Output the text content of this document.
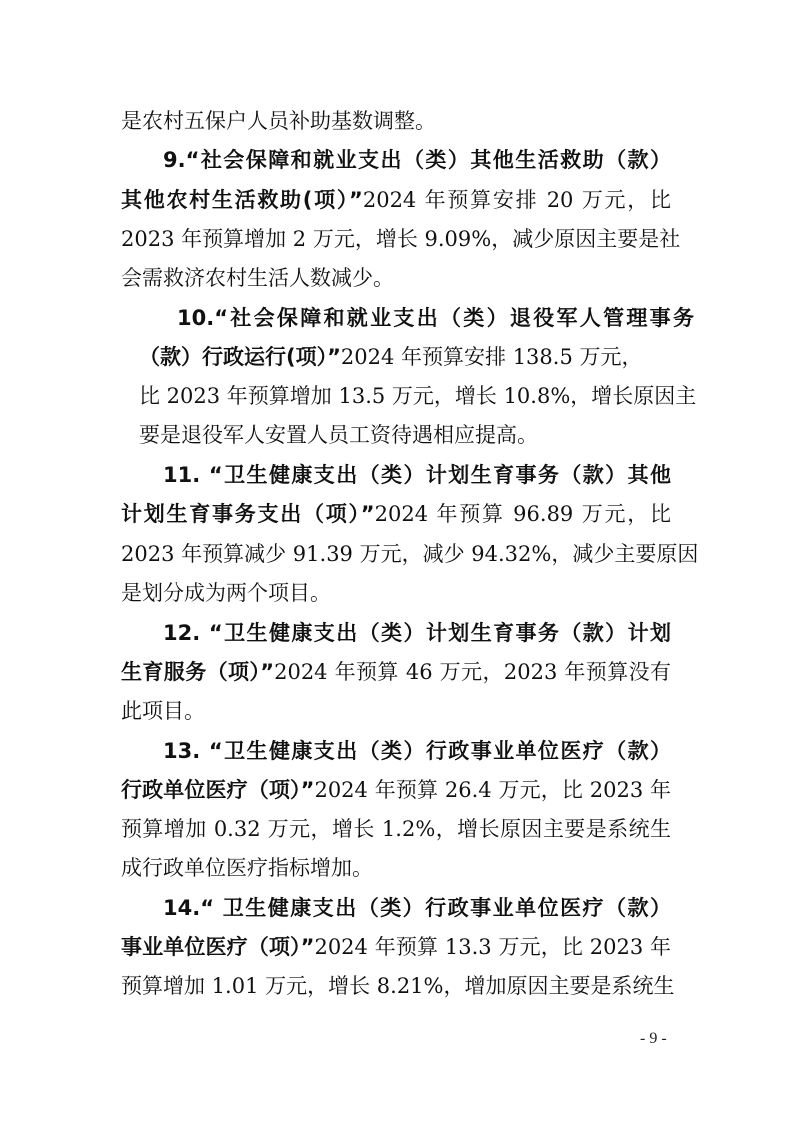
是农村五保户人员补助基数调整。
9.“社会保障和就业支出（类）其他生活救助（款）
其他农村生活救助(项）”2024 年预算安排 20 万元，比
2023 年预算增加 2 万元，增长 9.09%，减少原因主要是社
会需救济农村生活人数减少。
10.“社会保障和就业支出（类）退役军人管理事务
（款）行政运行(项）”2024 年预算安排 138.5 万元，
比 2023 年预算增加 13.5 万元，增长 10.8%，增长原因主
要是退役军人安置人员工资待遇相应提高。
11. “卫生健康支出（类）计划生育事务（款）其他
计划生育事务支出（项）”2024 年预算 96.89 万元，比
2023 年预算减少 91.39 万元，减少 94.32%，减少主要原因
是划分成为两个项目。
12. “卫生健康支出（类）计划生育事务（款）计划
生育服务（项）”2024 年预算 46 万元，2023 年预算没有
此项目。
13. “卫生健康支出（类）行政事业单位医疗（款）
行政单位医疗（项）”2024 年预算 26.4 万元，比 2023 年
预算增加 0.32 万元，增长 1.2%，增长原因主要是系统生
成行政单位医疗指标增加。
14.“ 卫生健康支出（类）行政事业单位医疗（款）
事业单位医疗（项）”2024 年预算 13.3 万元，比 2023 年
预算增加 1.01 万元，增长 8.21%，增加原因主要是系统生
- 9 -
